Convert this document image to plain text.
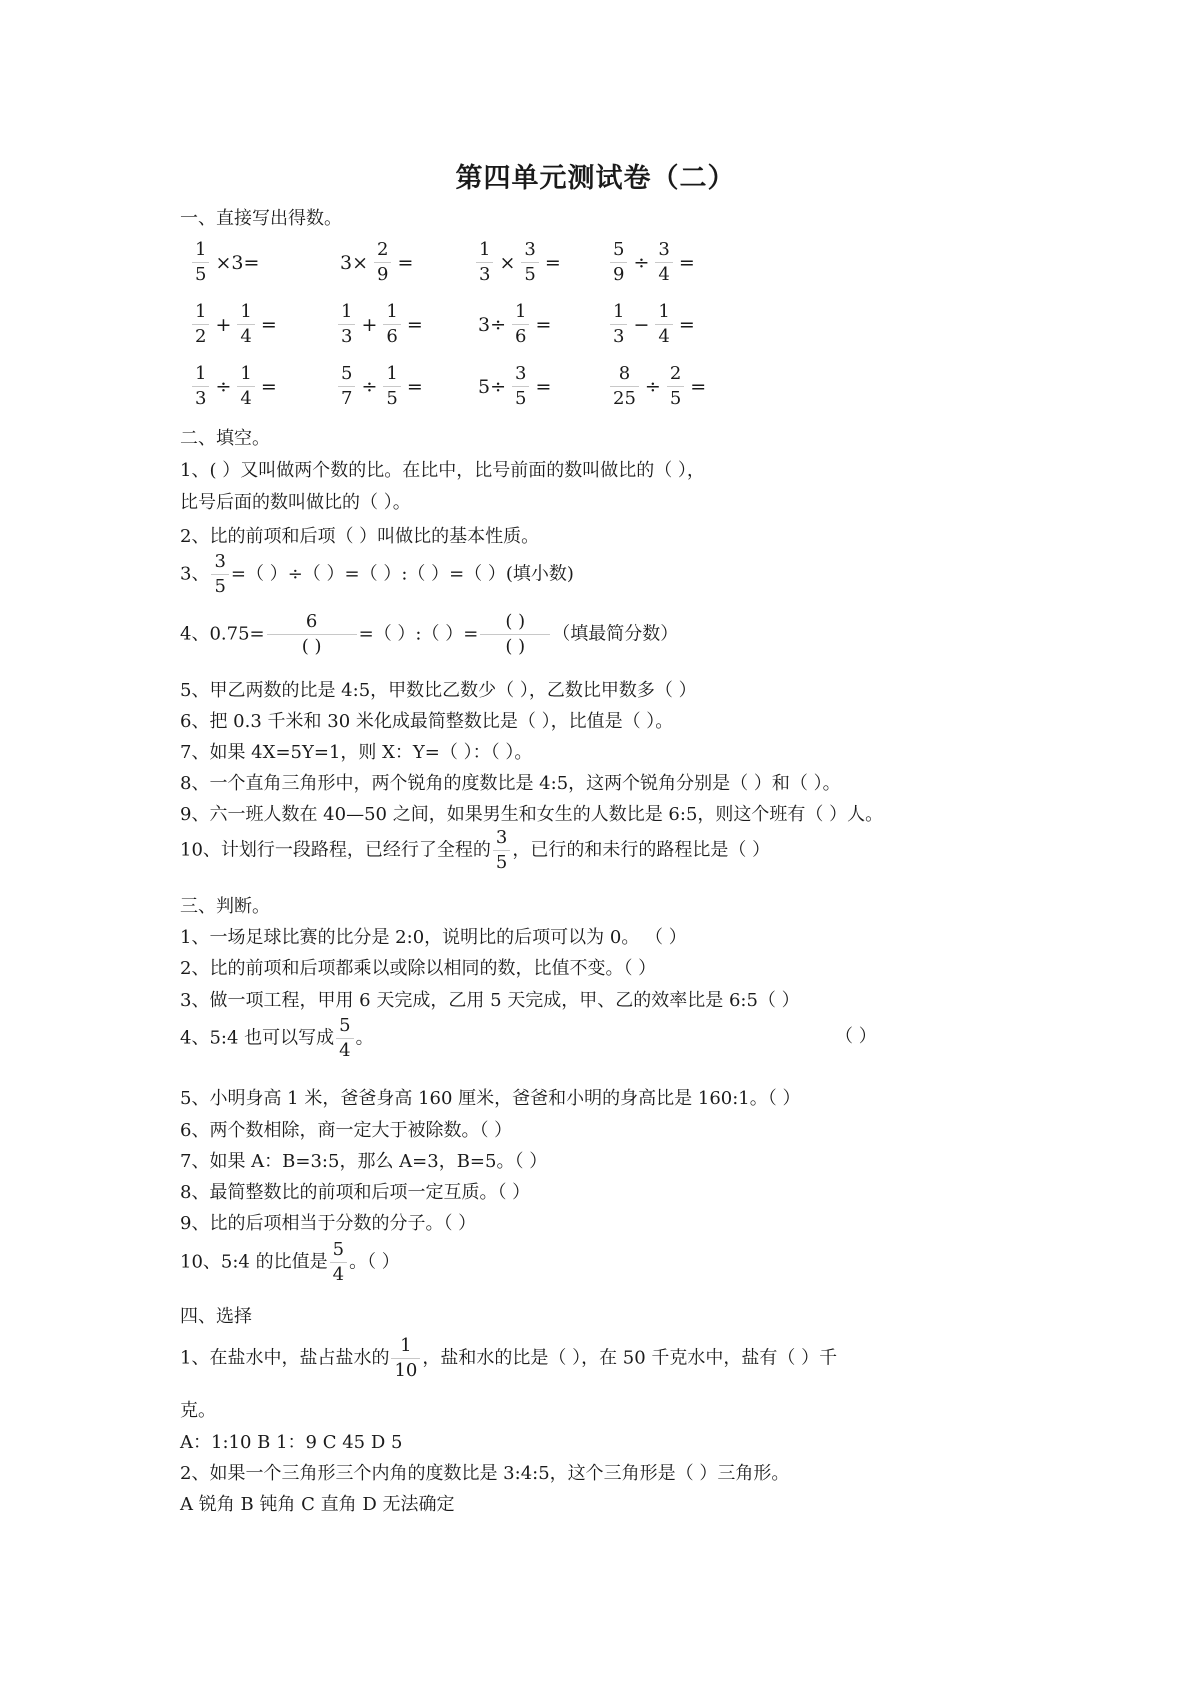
第四单元测试卷（二）
一、直接写出得数。
$\frac{1}{5} \times 3=$	$3\times \frac{2}{9}$ =	$\frac{1}{3} \times \frac{3}{5}$ =	$\frac{5}{9} \div \frac{3}{4}$ =
$\frac{1}{2} + \frac{1}{4}$ =	$\frac{1}{3} + \frac{1}{6}$ =	$3\div \frac{1}{6}$ =	$\frac{1}{3} - \frac{1}{4}$ =
$\frac{1}{3} \div \frac{1}{4}$ =	$\frac{5}{7} \div \frac{1}{5}$ =	$5\div \frac{3}{5}$ =	$\frac{8}{25} \div \frac{2}{5}$ =
二、填空。
1、( ）又叫做两个数的比。在比中，比号前面的数叫做比的（ ），
比号后面的数叫做比的（ ）。
2、比的前项和后项（ ）叫做比的基本性质。
3、 $\frac{3}{5}$ =（ ）÷（ ）=（ ）:（ ）=（ ）(填小数)
4、$0.75= \frac{6}{( )}$ =（ ）:（ ）= $\frac{( )}{( )}$ （填最简分数）
5、甲乙两数的比是 4:5，甲数比乙数少（ ），乙数比甲数多（ ）
6、把 0.3 千米和 30 米化成最简整数比是（ ），比值是（ ）。
7、如果 4X=5Y=1，则 X：Y=（ ）：（ ）。
8、一个直角三角形中，两个锐角的度数比是 4:5，这两个锐角分别是（ ）和（ ）。
9、六一班人数在 40—50 之间，如果男生和女生的人数比是 6:5，则这个班有（ ）人。
10、计划行一段路程，已经行了全程的 $\frac{3}{5}$ ，已行的和未行的路程比是（ ）
三、判断。
1、一场足球比赛的比分是 2:0，说明比的后项可以为 0。 （ ）
2、比的前项和后项都乘以或除以相同的数，比值不变。（ ）
3、做一项工程，甲用 6 天完成，乙用 5 天完成，甲、乙的效率比是 6:5（ ）
4、5:4 也可以写成 $\frac{5}{4}$ 。	（ ）
5、小明身高 1 米，爸爸身高 160 厘米，爸爸和小明的身高比是 160:1。（ ）
6、两个数相除，商一定大于被除数。（ ）
7、如果 A：B=3:5，那么 A=3，B=5。（ ）
8、最简整数比的前项和后项一定互质。（ ）
9、比的后项相当于分数的分子。（ ）
10、5:4 的比值是 $\frac{5}{4}$ 。（ ）
四、选择
1、在盐水中，盐占盐水的 $\frac{1}{10}$ ，盐和水的比是（ ），在 50 千克水中，盐有（ ）千
克。
A：1:10 B 1：9 C 45 D 5
2、如果一个三角形三个内角的度数比是 3:4:5，这个三角形是（ ）三角形。
A 锐角 B 钝角 C 直角 D 无法确定
